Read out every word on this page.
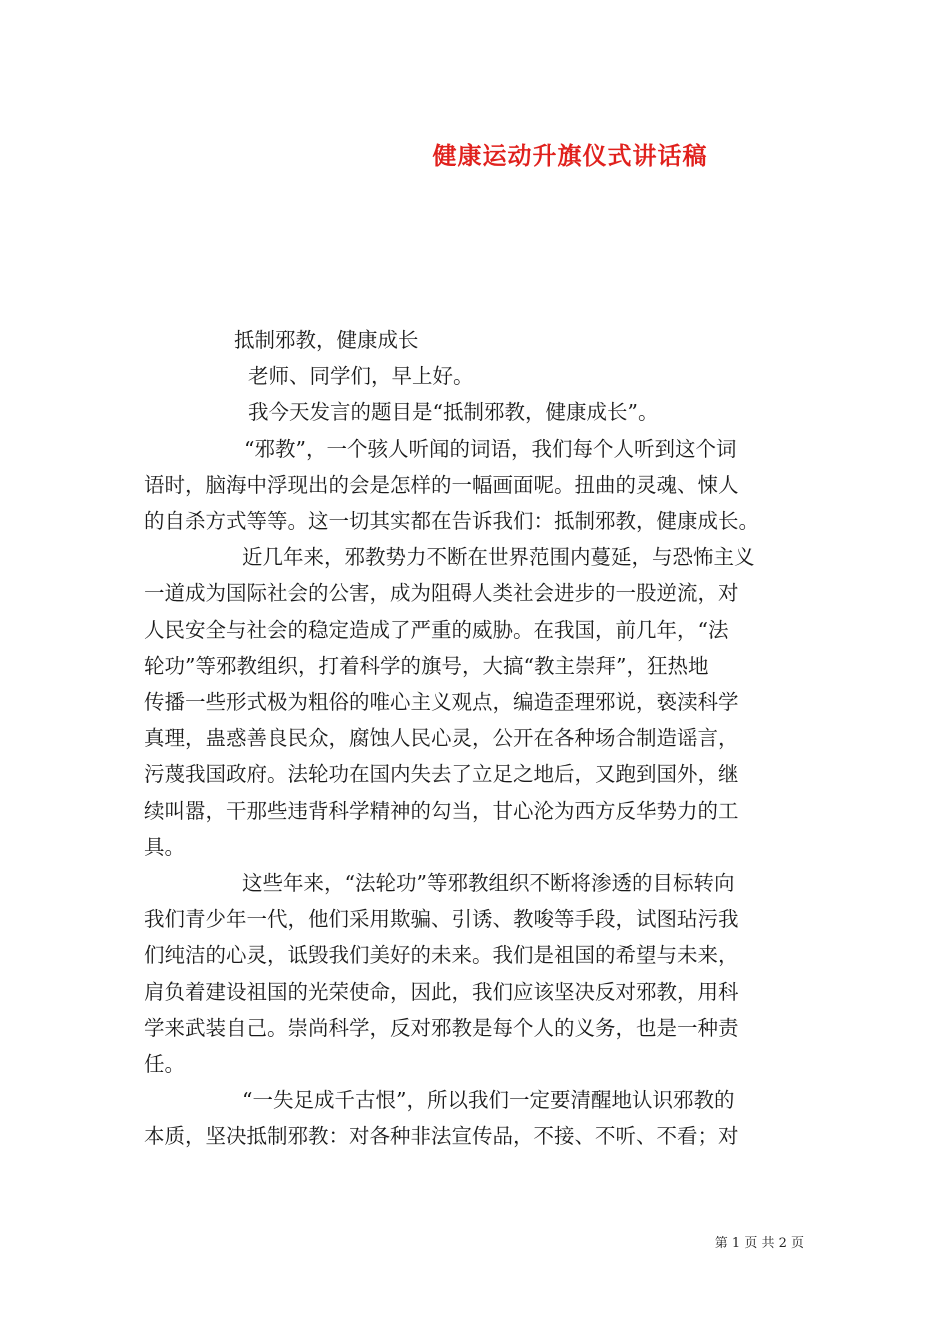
健康运动升旗仪式讲话稿

抵制邪教，健康成长

老师、同学们，早上好。

我今天发言的题目是“抵制邪教，健康成长”。

“邪教”，一个骇人听闻的词语，我们每个人听到这个词

语时，脑海中浮现出的会是怎样的一幅画面呢。扭曲的灵魂、悚人

的自杀方式等等。这一切其实都在告诉我们：抵制邪教，健康成长。

近几年来，邪教势力不断在世界范围内蔓延，与恐怖主义

一道成为国际社会的公害，成为阻碍人类社会进步的一股逆流，对

人民安全与社会的稳定造成了严重的威胁。在我国，前几年，“法

轮功”等邪教组织，打着科学的旗号，大搞“教主崇拜”，狂热地

传播一些形式极为粗俗的唯心主义观点，编造歪理邪说，亵渎科学

真理，蛊惑善良民众，腐蚀人民心灵，公开在各种场合制造谣言，

污蔑我国政府。法轮功在国内失去了立足之地后，又跑到国外，继

续叫嚣，干那些违背科学精神的勾当，甘心沦为西方反华势力的工

具。

这些年来，“法轮功”等邪教组织不断将渗透的目标转向

我们青少年一代，他们采用欺骗、引诱、教唆等手段，试图玷污我

们纯洁的心灵，诋毁我们美好的未来。我们是祖国的希望与未来，

肩负着建设祖国的光荣使命，因此，我们应该坚决反对邪教，用科

学来武装自己。崇尚科学，反对邪教是每个人的义务，也是一种责

任。

“一失足成千古恨”，所以我们一定要清醒地认识邪教的

本质，坚决抵制邪教：对各种非法宣传品，不接、不听、不看；对

第 1 页 共 2 页
